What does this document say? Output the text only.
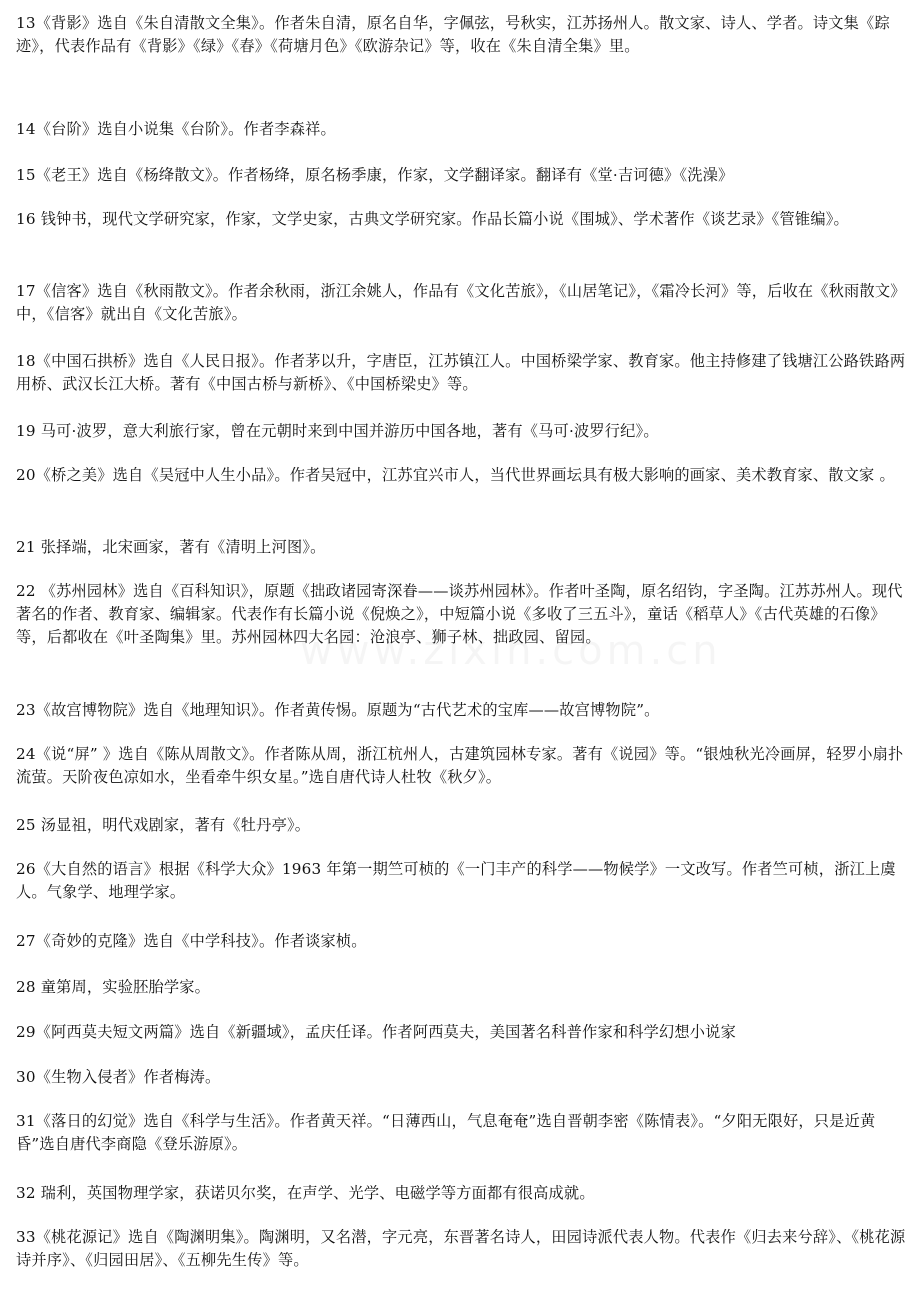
13《背影》选自《朱自清散文全集》。作者朱自清，原名自华，字佩弦，号秋实，江苏扬州人。散文家、诗人、学者。诗文集《踪迹》，代表作品有《背影》《绿》《春》《荷塘月色》《欧游杂记》等，收在《朱自清全集》里。

14《台阶》选自小说集《台阶》。作者李森祥。

15《老王》选自《杨绛散文》。作者杨绛，原名杨季康，作家，文学翻译家。翻译有《堂·吉诃德》《洗澡》

16 钱钟书，现代文学研究家，作家，文学史家，古典文学研究家。作品长篇小说《围城》、学术著作《谈艺录》《管锥编》。

17《信客》选自《秋雨散文》。作者余秋雨，浙江余姚人，作品有《文化苦旅》，《山居笔记》，《霜冷长河》等，后收在《秋雨散文》中，《信客》就出自《文化苦旅》。

18《中国石拱桥》选自《人民日报》。作者茅以升，字唐臣，江苏镇江人。中国桥梁学家、教育家。他主持修建了钱塘江公路铁路两用桥、武汉长江大桥。著有《中国古桥与新桥》、《中国桥梁史》等。

19 马可·波罗，意大利旅行家，曾在元朝时来到中国并游历中国各地，著有《马可·波罗行纪》。

20《桥之美》选自《吴冠中人生小品》。作者吴冠中，江苏宜兴市人，当代世界画坛具有极大影响的画家、美术教育家、散文家 。

21 张择端，北宋画家，著有《清明上河图》。

22 《苏州园林》选自《百科知识》，原题《拙政诸园寄深眷——谈苏州园林》。作者叶圣陶，原名绍钧，字圣陶。江苏苏州人。现代著名的作者、教育家、编辑家。代表作有长篇小说《倪焕之》，中短篇小说《多收了三五斗》，童话《稻草人》《古代英雄的石像》等，后都收在《叶圣陶集》里。苏州园林四大名园：沧浪亭、狮子林、拙政园、留园。

23《故宫博物院》选自《地理知识》。作者黄传惕。原题为“古代艺术的宝库——故宫博物院”。

24《说“屏” 》选自《陈从周散文》。作者陈从周，浙江杭州人，古建筑园林专家。著有《说园》等。“银烛秋光冷画屏，轻罗小扇扑流萤。天阶夜色凉如水，坐看牵牛织女星。”选自唐代诗人杜牧《秋夕》。

25 汤显祖，明代戏剧家，著有《牡丹亭》。

26《大自然的语言》根据《科学大众》1963 年第一期竺可桢的《一门丰产的科学——物候学》一文改写。作者竺可桢，浙江上虞人。气象学、地理学家。

27《奇妙的克隆》选自《中学科技》。作者谈家桢。

28 童第周，实验胚胎学家。

29《阿西莫夫短文两篇》选自《新疆域》，孟庆任译。作者阿西莫夫，美国著名科普作家和科学幻想小说家

30《生物入侵者》作者梅涛。

31《落日的幻觉》选自《科学与生活》。作者黄天祥。“日薄西山，气息奄奄”选自晋朝李密《陈情表》。“夕阳无限好，只是近黄昏”选自唐代李商隐《登乐游原》。

32 瑞利，英国物理学家，获诺贝尔奖，在声学、光学、电磁学等方面都有很高成就。

33《桃花源记》选自《陶渊明集》。陶渊明，又名潜，字元亮，东晋著名诗人，田园诗派代表人物。代表作《归去来兮辞》、《桃花源诗并序》、《归园田居》、《五柳先生传》等。
